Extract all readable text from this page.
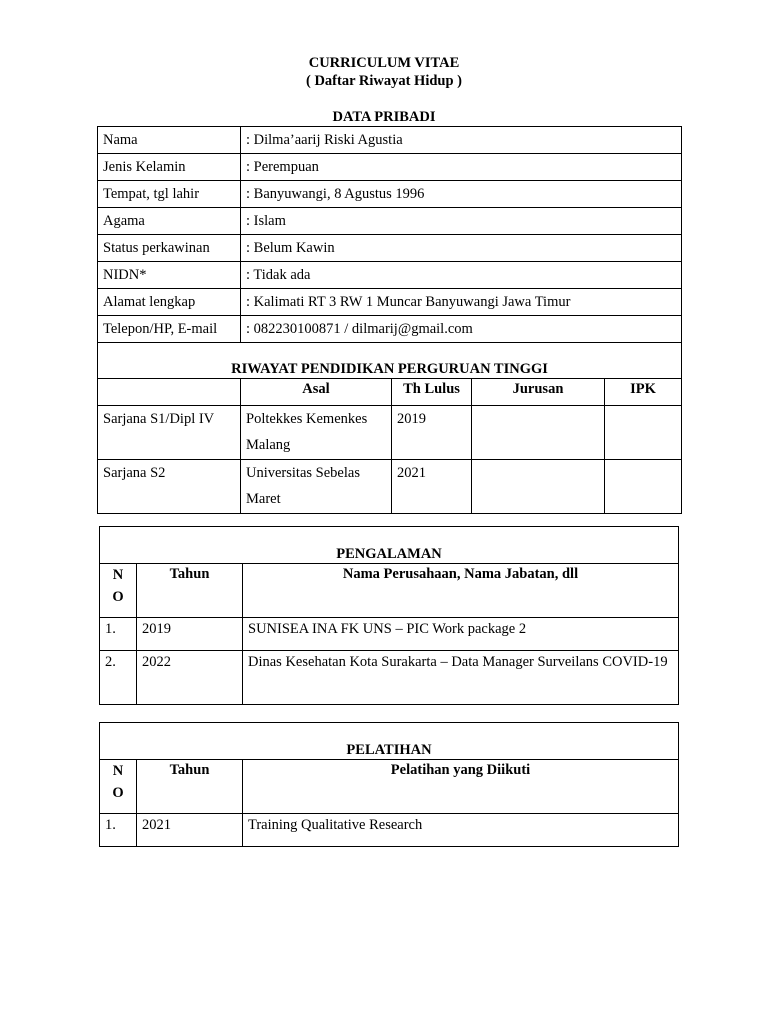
CURRICULUM VITAE
( Daftar Riwayat Hidup )
DATA PRIBADI
Nama	: Dilma’aarij Riski Agustia			
Jenis Kelamin	: Perempuan			
Tempat, tgl lahir	: Banyuwangi, 8 Agustus 1996			
Agama	: Islam			
Status perkawinan	: Belum Kawin			
NIDN*	: Tidak ada			
Alamat lengkap	: Kalimati RT 3 RW 1 Muncar Banyuwangi Jawa Timur			
Telepon/HP, E-mail	: 082230100871 / dilmarij@gmail.com			
RIWAYAT PENDIDIKAN PERGURUAN TINGGI				
	Asal	Th Lulus	Jurusan	IPK
Sarjana S1/Dipl IV	Poltekkes Kemenkes Malang	2019		
Sarjana S2	Universitas Sebelas Maret	2021		
PENGALAMAN		
N O	Tahun	Nama Perusahaan, Nama Jabatan, dll
1.	2019	SUNISEA INA FK UNS – PIC Work package 2
2.	2022	Dinas Kesehatan Kota Surakarta – Data Manager Surveilans COVID-19
PELATIHAN		
N O	Tahun	Pelatihan yang Diikuti
1.	2021	Training Qualitative Research
